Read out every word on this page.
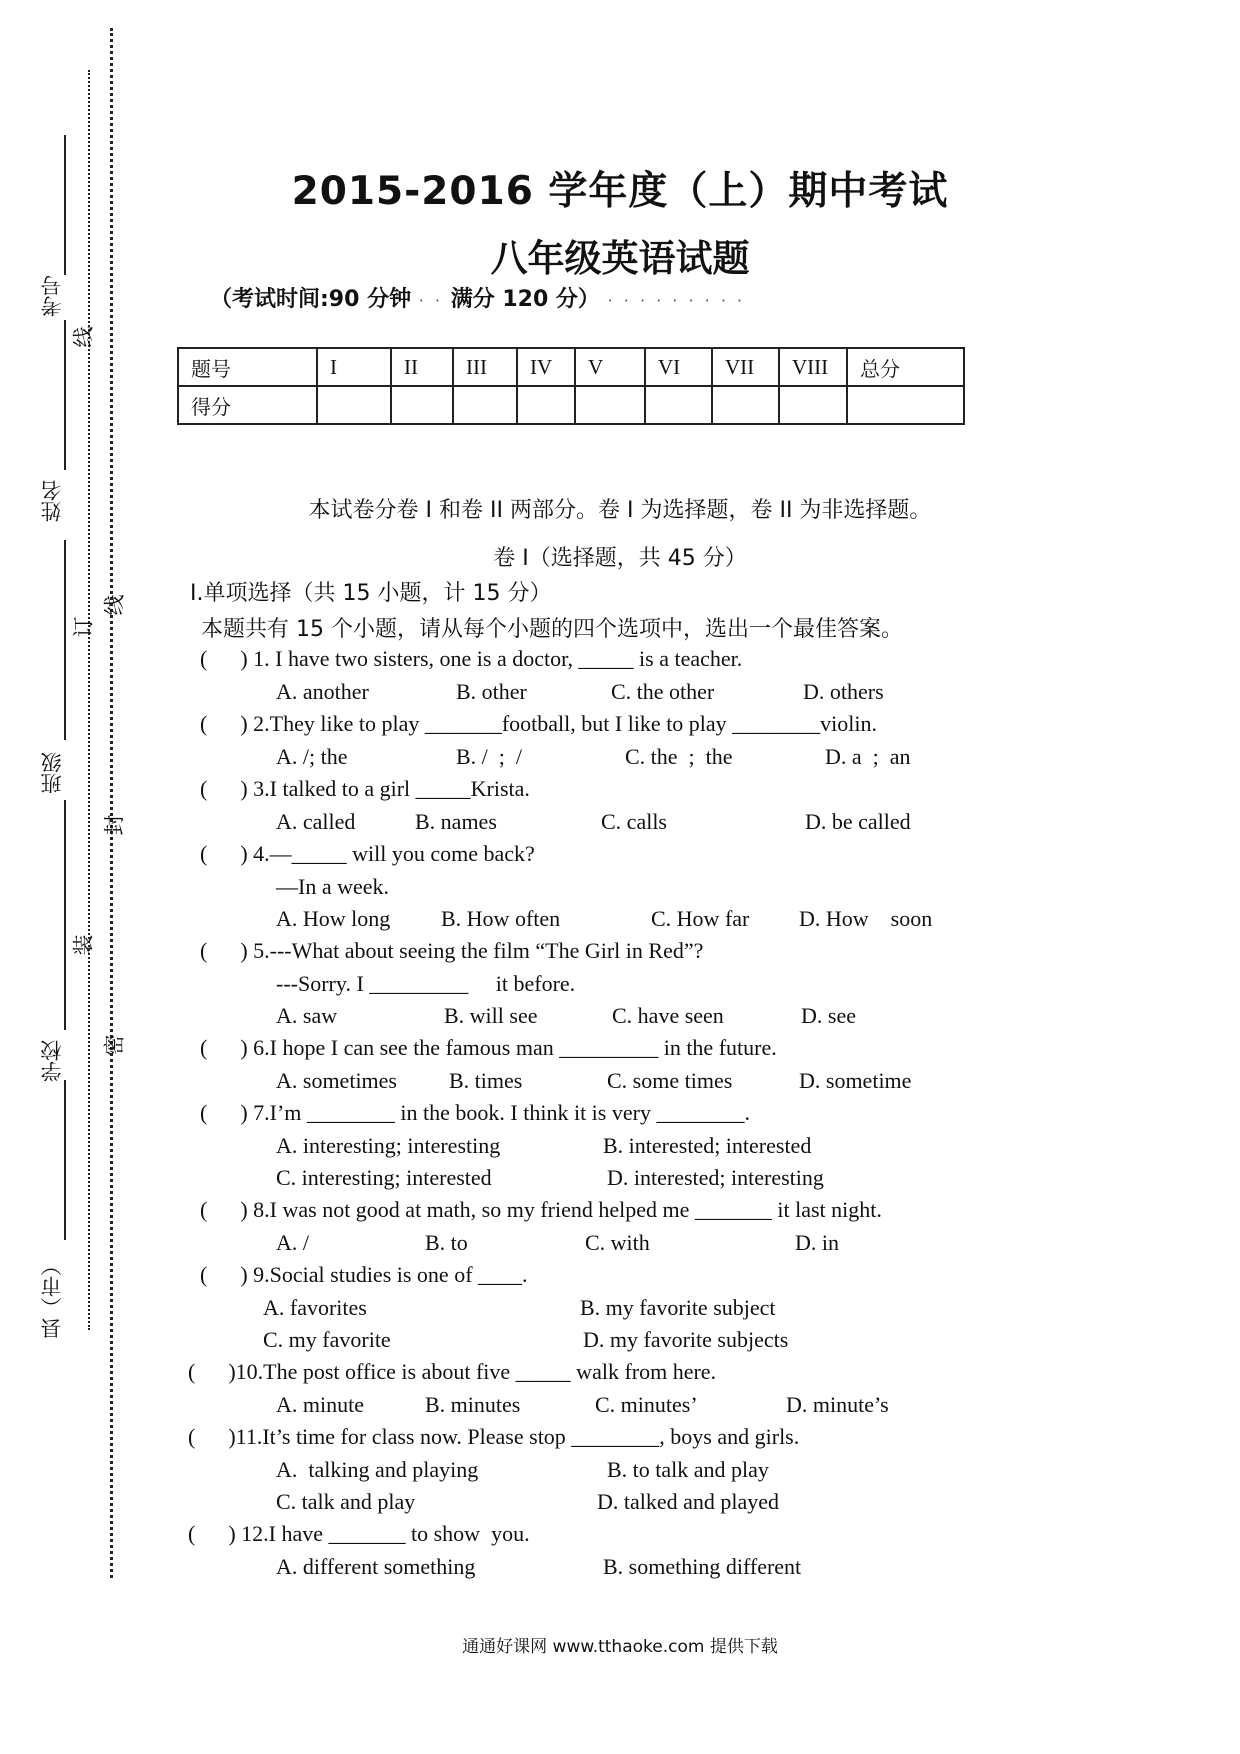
考号
姓名
班级
学校
县（市）
线
订
线
封
装
密
2015-2016 学年度（上）期中考试
八年级英语试题
（考试时间:90 分钟 · · 满分 120 分） · · · · · · · · ·
题号	I	II	III	IV	V	VI	VII	VIII	总分
得分									
本试卷分卷 I 和卷 II 两部分。卷 I 为选择题，卷 II 为非选择题。
卷 I（选择题，共 45 分）
I.单项选择（共 15 小题，计 15 分）
本题共有 15 个小题，请从每个小题的四个选项中，选出一个最佳答案。
(      ) 1. I have two sisters, one is a doctor, _____ is a teacher.
A. another	B. other	C. the other	D. others
(      ) 2.They like to play _______football, but I like to play ________violin.
A. /; the	B. /  ;  /	C. the  ;  the	D. a  ;  an
(      ) 3.I talked to a girl _____Krista.
A. called	B. names	C. calls	D. be called
(      ) 4.—_____ will you come back?
—In a week.
A. How long B. How often	C. How far D. How    soon
(      ) 5.---What about seeing the film “The Girl in Red”?
---Sorry. I _________     it before.
A. saw	B. will see	C. have seen	D. see
(      ) 6.I hope I can see the famous man _________ in the future.
A. sometimes B. times	C. some times	D. sometime
(      ) 7.I’m ________ in the book. I think it is very ________.
A. interesting; interesting	B. interested; interested
C. interesting; interested	D. interested; interesting
(      ) 8.I was not good at math, so my friend helped me _______ it last night.
A. /	B. to	C. with	D. in
(      ) 9.Social studies is one of ____.
A. favorites	B. my favorite subject
C. my favorite	D. my favorite subjects
(      )10.The post office is about five _____ walk from here.
A. minute	B. minutes	C. minutes’	D. minute’s
(      )11.It’s time for class now. Please stop ________, boys and girls.
A.  talking and playing	B. to talk and play
C. talk and play	D. talked and played
(      ) 12.I have _______ to show  you.
A. different something	B. something different
通通好课网 www.tthaoke.com 提供下载
